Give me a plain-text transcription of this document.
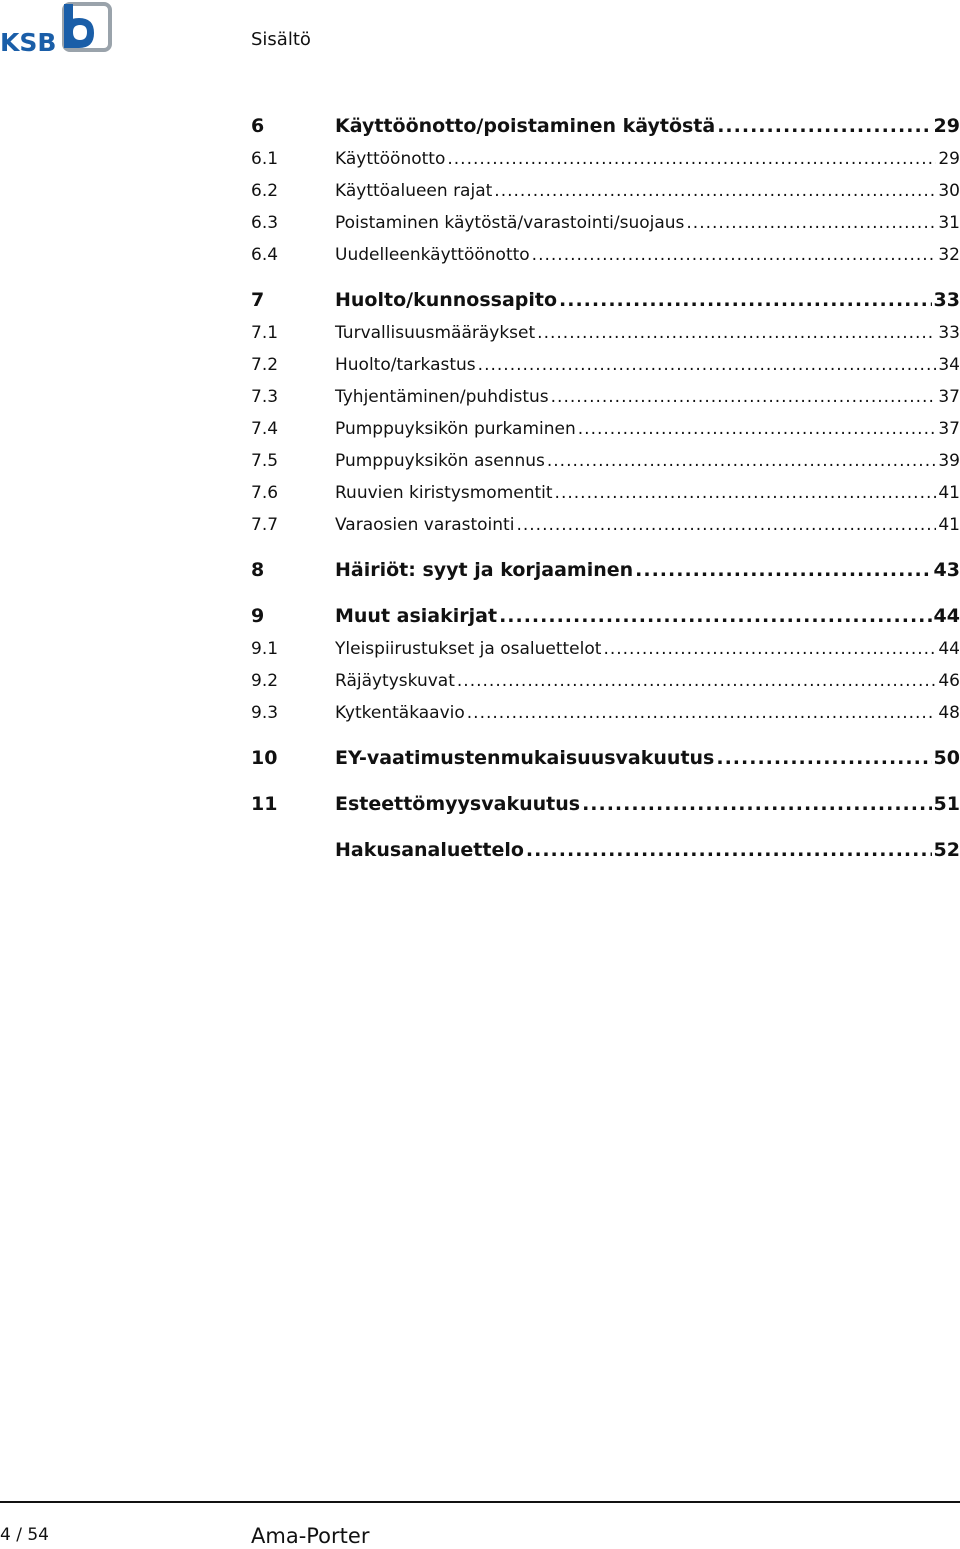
KSB	Sisältö
6	Käyttöönotto/poistaminen käytöstä .....	29
6.1	Käyttöönotto .....	29
6.2	Käyttöalueen rajat .....	30
6.3	Poistaminen käytöstä/varastointi/suojaus .....	31
6.4	Uudelleenkäyttöönotto .....	32
7	Huolto/kunnossapito .....	33
7.1	Turvallisuusmääräykset .....	33
7.2	Huolto/tarkastus .....	34
7.3	Tyhjentäminen/puhdistus .....	37
7.4	Pumppuyksikön purkaminen .....	37
7.5	Pumppuyksikön asennus .....	39
7.6	Ruuvien kiristysmomentit .....	41
7.7	Varaosien varastointi .....	41
8	Häiriöt: syyt ja korjaaminen .....	43
9	Muut asiakirjat .....	44
9.1	Yleispiirustukset ja osaluettelot .....	44
9.2	Räjäytyskuvat .....	46
9.3	Kytkentäkaavio .....	48
10	EY-vaatimustenmukaisuusvakuutus .....	50
11	Esteettömyysvakuutus .....	51
Hakusanaluettelo .....	52
4 / 54	Ama-Porter
